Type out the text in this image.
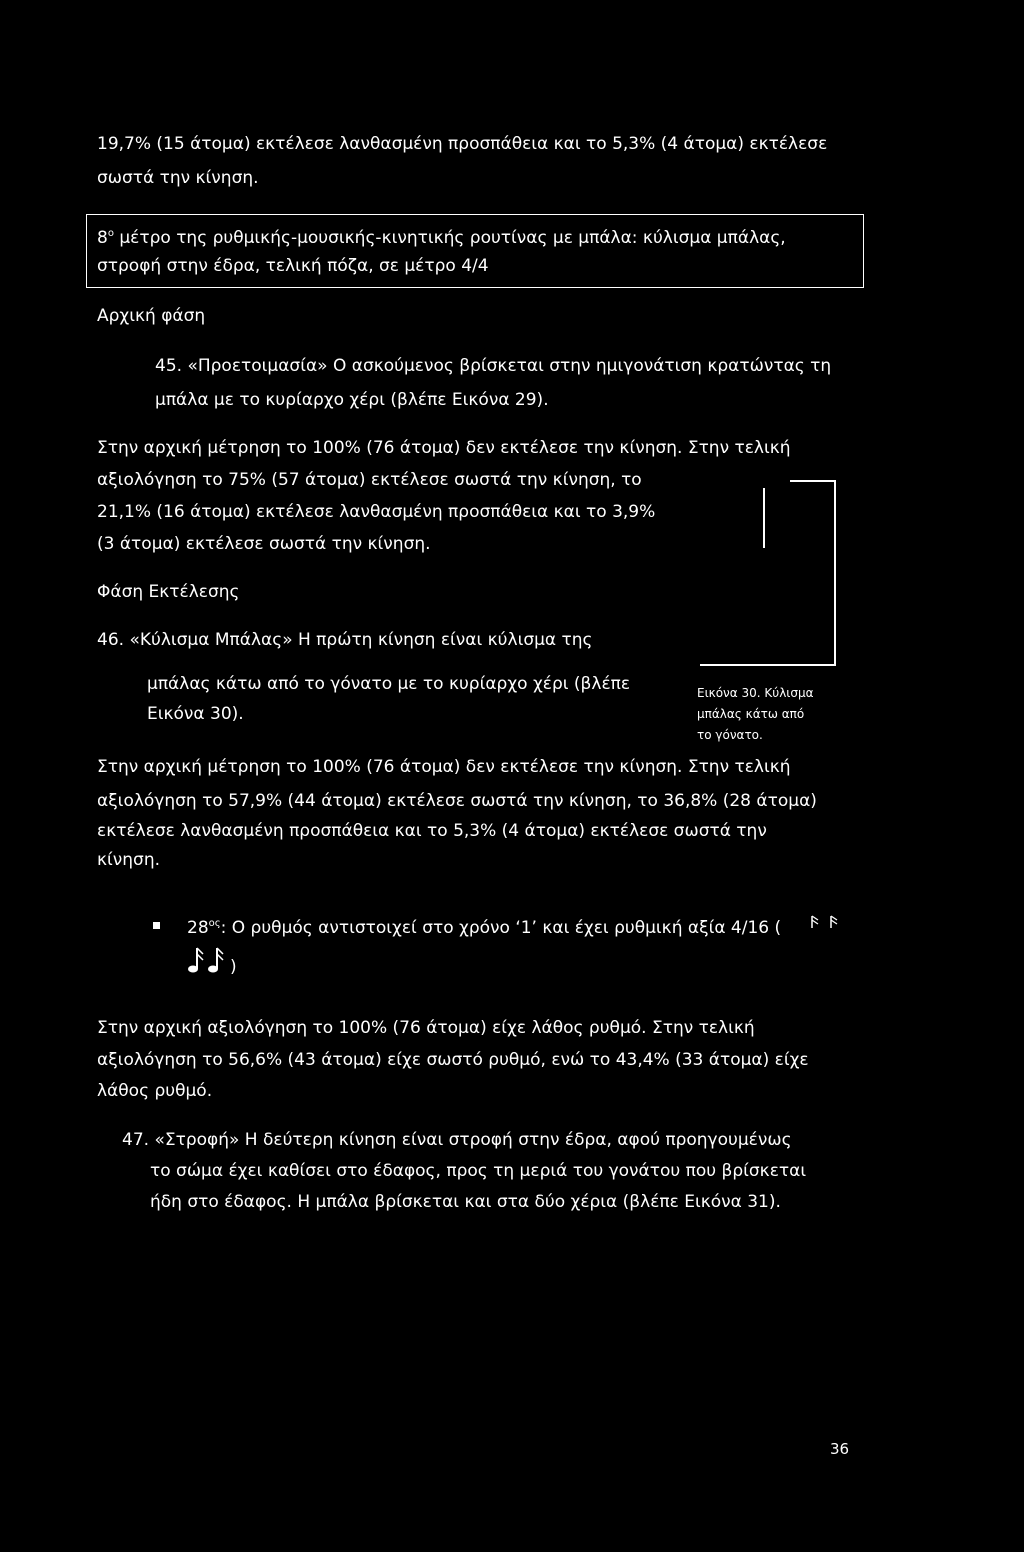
19,7% (15 άτομα) εκτέλεσε λανθασμένη προσπάθεια και το 5,3% (4 άτομα) εκτέλεσε
σωστά την κίνηση.
$8^o$ μέτρο της ρυθμικής-μουσικής-κινητικής ρουτίνας με μπάλα: κύλισμα μπάλας,
στροφή στην έδρα, τελική πόζα, σε μέτρο 4/4
Αρχική φάση
45. «Προετοιμασία» Ο ασκούμενος βρίσκεται στην ημιγονάτιση κρατώντας τη
μπάλα με το κυρίαρχο χέρι (βλέπε Εικόνα 29).
Στην αρχική μέτρηση το 100% (76 άτομα) δεν εκτέλεσε την κίνηση. Στην τελική
αξιολόγηση το 75% (57 άτομα) εκτέλεσε σωστά την κίνηση, το
21,1% (16 άτομα) εκτέλεσε λανθασμένη προσπάθεια και το 3,9%
(3 άτομα) εκτέλεσε σωστά την κίνηση.
Φάση Εκτέλεσης
46. «Κύλισμα Μπάλας» Η πρώτη κίνηση είναι κύλισμα της
μπάλας κάτω από το γόνατο με το κυρίαρχο χέρι (βλέπε
Εικόνα 30).
Εικόνα 30. Κύλισμα
μπάλας κάτω από
το γόνατο.
Στην αρχική μέτρηση το 100% (76 άτομα) δεν εκτέλεσε την κίνηση. Στην τελική
αξιολόγηση το 57,9% (44 άτομα) εκτέλεσε σωστά την κίνηση, το 36,8% (28 άτομα)
εκτέλεσε λανθασμένη προσπάθεια και το 5,3% (4 άτομα) εκτέλεσε σωστά την
κίνηση.
$28^{o\varsigma}$: Ο ρυθμός αντιστοιχεί στο χρόνο ‘1’ και έχει ρυθμική αξία 4/16 (
)
Στην αρχική αξιολόγηση το 100% (76 άτομα) είχε λάθος ρυθμό. Στην τελική
αξιολόγηση το 56,6% (43 άτομα) είχε σωστό ρυθμό, ενώ το 43,4% (33 άτομα) είχε
λάθος ρυθμό.
47. «Στροφή» Η δεύτερη κίνηση είναι στροφή στην έδρα, αφού προηγουμένως
το σώμα έχει καθίσει στο έδαφος, προς τη μεριά του γονάτου που βρίσκεται
ήδη στο έδαφος. Η μπάλα βρίσκεται και στα δύο χέρια (βλέπε Εικόνα 31).
36
